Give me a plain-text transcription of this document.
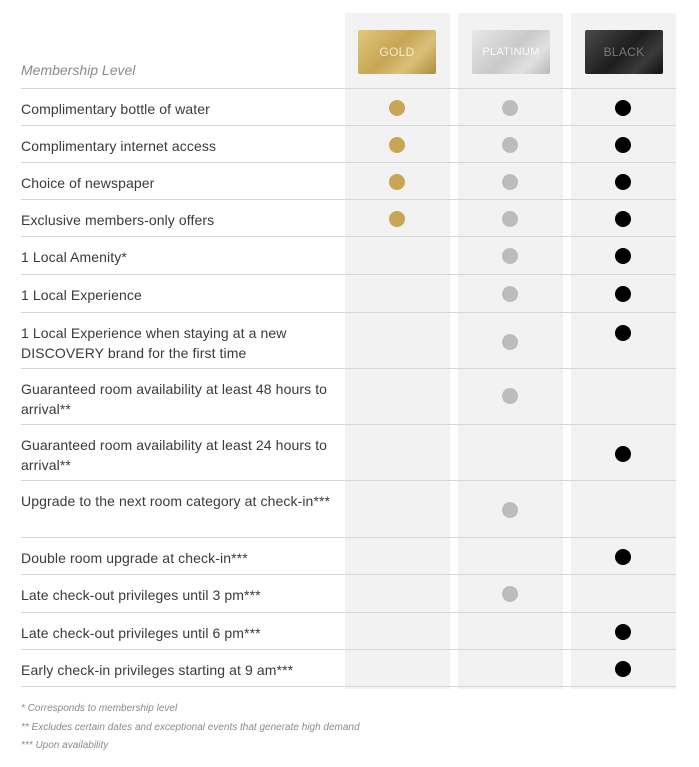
GOLD	PLATINUM	BLACK
Membership Level
Complimentary bottle of water
Complimentary internet access
Choice of newspaper
Exclusive members-only offers
1 Local Amenity*
1 Local Experience
1 Local Experience when staying at a new DISCOVERY brand for the first time
Guaranteed room availability at least 48 hours to arrival**
Guaranteed room availability at least 24 hours to arrival**
Upgrade to the next room category at check-in***
Double room upgrade at check-in***
Late check-out privileges until 3 pm***
Late check-out privileges until 6 pm***
Early check-in privileges starting at 9 am***
* Corresponds to membership level
** Excludes certain dates and exceptional events that generate high demand
*** Upon availability
